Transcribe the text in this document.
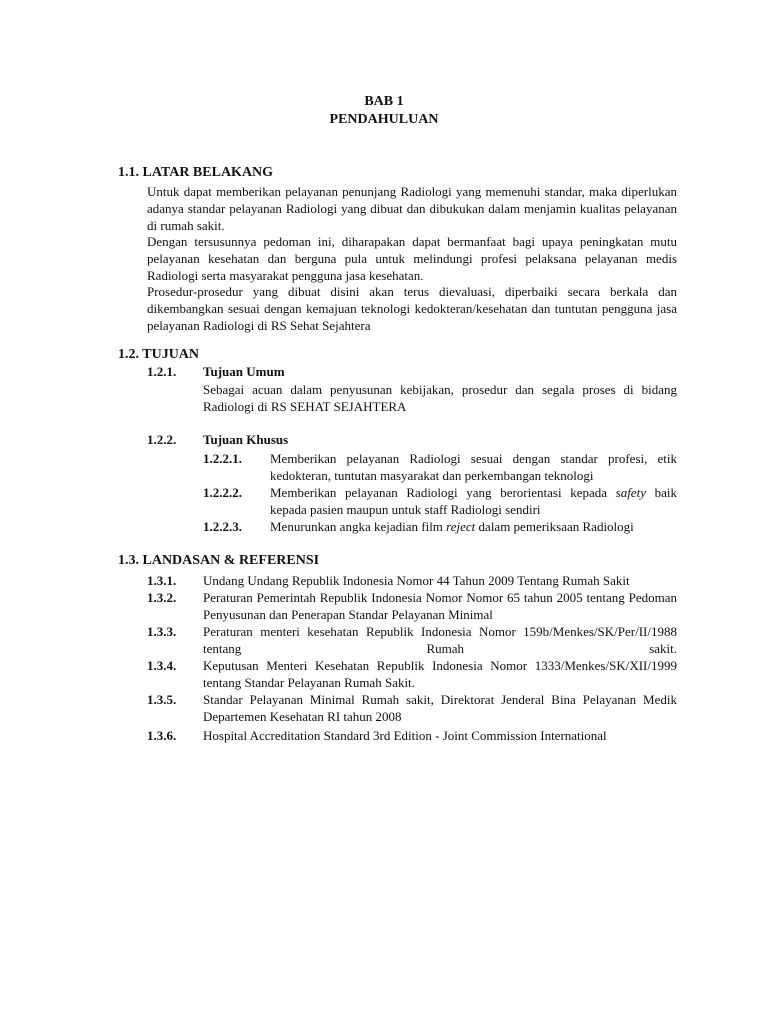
BAB 1
PENDAHULUAN
1.1. LATAR BELAKANG

Untuk dapat memberikan pelayanan penunjang Radiologi yang memenuhi standar, maka diperlukan adanya standar pelayanan Radiologi yang dibuat dan dibukukan dalam menjamin kualitas pelayanan di rumah sakit.

Dengan tersusunnya pedoman ini, diharapakan dapat bermanfaat bagi upaya peningkatan mutu pelayanan kesehatan dan berguna pula untuk melindungi profesi pelaksana pelayanan medis Radiologi serta masyarakat pengguna jasa kesehatan.

Prosedur-prosedur yang dibuat disini akan terus dievaluasi, diperbaiki secara berkala dan dikembangkan sesuai dengan kemajuan teknologi kedokteran/kesehatan dan tuntutan pengguna jasa pelayanan Radiologi di RS Sehat Sejahtera

1.2. TUJUAN
1.2.1. Tujuan Umum

Sebagai acuan dalam penyusunan kebijakan, prosedur dan segala proses di bidang Radiologi di RS SEHAT SEJAHTERA

1.2.2. Tujuan Khusus
1.2.2.1. Memberikan pelayanan Radiologi sesuai dengan standar profesi, etik kedokteran, tuntutan masyarakat dan perkembangan teknologi

1.2.2.2. Memberikan pelayanan Radiologi yang berorientasi kepada safety baik kepada pasien maupun untuk staff Radiologi sendiri

1.2.2.3. Menurunkan angka kejadian film reject dalam pemeriksaan Radiologi

1.3. LANDASAN & REFERENSI
1.3.1. Undang Undang Republik Indonesia Nomor 44 Tahun 2009 Tentang Rumah Sakit

1.3.2. Peraturan Pemerintah Republik Indonesia Nomor Nomor 65 tahun 2005 tentang Pedoman Penyusunan dan Penerapan Standar Pelayanan Minimal

1.3.3. Peraturan menteri kesehatan Republik Indonesia Nomor 159b/Menkes/SK/Per/II/1988 tentang Rumah sakit.

1.3.4. Keputusan Menteri Kesehatan Republik Indonesia Nomor 1333/Menkes/SK/XII/1999 tentang Standar Pelayanan Rumah Sakit.

1.3.5. Standar Pelayanan Minimal Rumah sakit, Direktorat Jenderal Bina Pelayanan Medik Departemen Kesehatan RI tahun 2008

1.3.6. Hospital Accreditation Standard 3rd Edition - Joint Commission International
